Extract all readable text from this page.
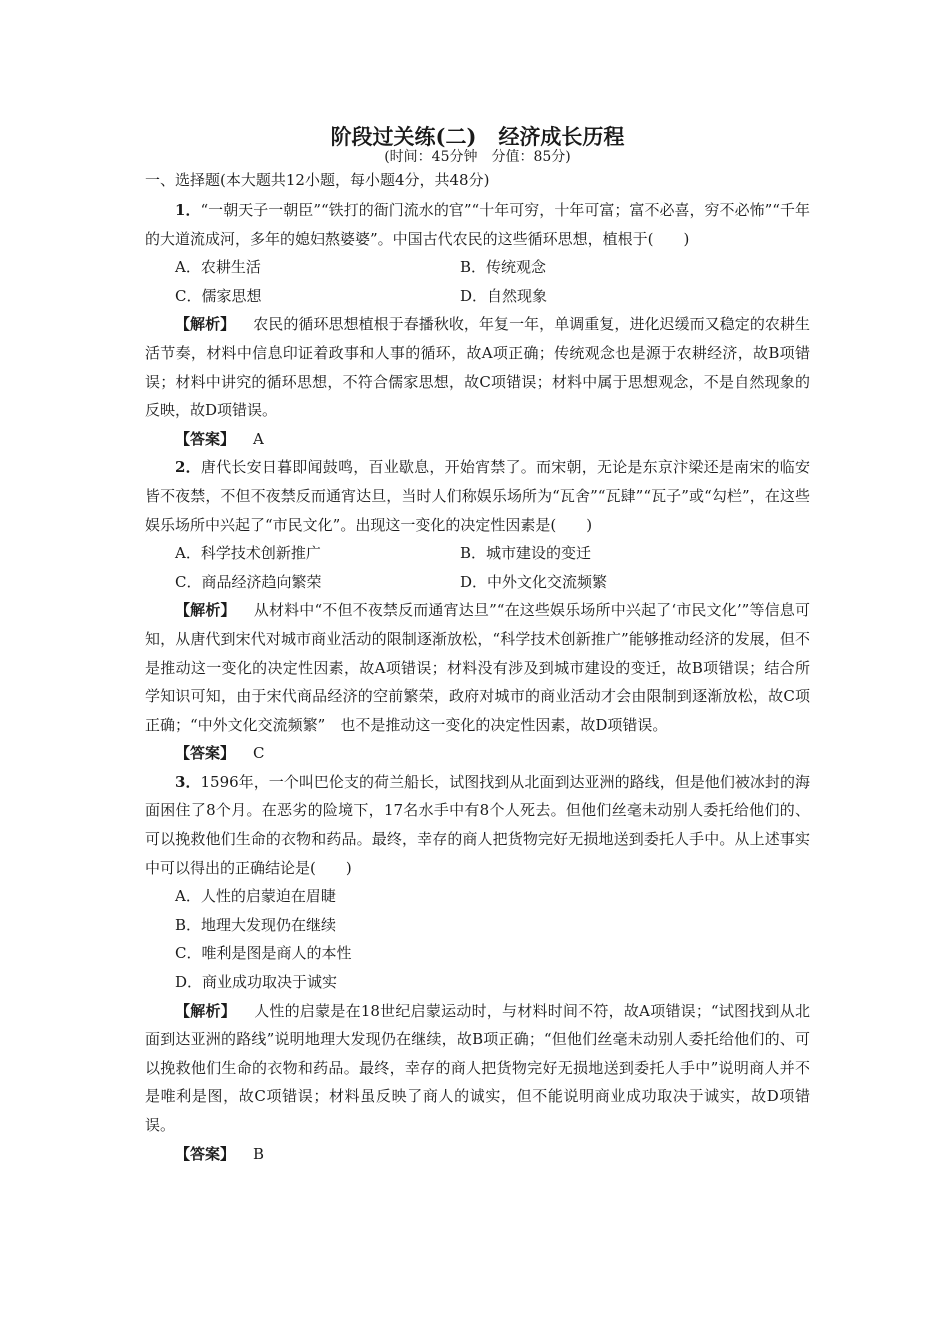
阶段过关练(二) 经济成长历程
(时间：45分钟　分值：85分)
一、选择题(本大题共12小题，每小题4分，共48分)

1．“一朝天子一朝臣”“铁打的衙门流水的官”“十年可穷，十年可富；富不必喜，穷不必怖”“千年的大道流成河，多年的媳妇熬婆婆”。中国古代农民的这些循环思想，植根于(　　)

A．农耕生活	B．传统观念
C．儒家思想	D．自然现象

【解析】 农民的循环思想植根于春播秋收，年复一年，单调重复，进化迟缓而又稳定的农耕生活节奏，材料中信息印证着政事和人事的循环，故A项正确；传统观念也是源于农耕经济，故B项错误；材料中讲究的循环思想，不符合儒家思想，故C项错误；材料中属于思想观念，不是自然现象的反映，故D项错误。

【答案】 A

2．唐代长安日暮即闻鼓鸣，百业歇息，开始宵禁了。而宋朝，无论是东京汴梁还是南宋的临安皆不夜禁，不但不夜禁反而通宵达旦，当时人们称娱乐场所为“瓦舍”“瓦肆”“瓦子”或“勾栏”，在这些娱乐场所中兴起了“市民文化”。出现这一变化的决定性因素是(　　)

A．科学技术创新推广	B．城市建设的变迁
C．商品经济趋向繁荣	D．中外文化交流频繁

【解析】 从材料中“不但不夜禁反而通宵达旦”“在这些娱乐场所中兴起了‘市民文化’”等信息可知，从唐代到宋代对城市商业活动的限制逐渐放松，“科学技术创新推广”能够推动经济的发展，但不是推动这一变化的决定性因素，故A项错误；材料没有涉及到城市建设的变迁，故B项错误；结合所学知识可知，由于宋代商品经济的空前繁荣，政府对城市的商业活动才会由限制到逐渐放松，故C项正确；“中外文化交流频繁”　也不是推动这一变化的决定性因素，故D项错误。

【答案】 C

3．1596年，一个叫巴伦支的荷兰船长，试图找到从北面到达亚洲的路线，但是他们被冰封的海面困住了8个月。在恶劣的险境下，17名水手中有8个人死去。但他们丝毫未动别人委托给他们的、可以挽救他们生命的衣物和药品。最终，幸存的商人把货物完好无损地送到委托人手中。从上述事实中可以得出的正确结论是(　　)

A．人性的启蒙迫在眉睫
B．地理大发现仍在继续
C．唯利是图是商人的本性
D．商业成功取决于诚实

【解析】 人性的启蒙是在18世纪启蒙运动时，与材料时间不符，故A项错误；“试图找到从北面到达亚洲的路线”说明地理大发现仍在继续，故B项正确；“但他们丝毫未动别人委托给他们的、可以挽救他们生命的衣物和药品。最终，幸存的商人把货物完好无损地送到委托人手中”说明商人并不是唯利是图，故C项错误；材料虽反映了商人的诚实，但不能说明商业成功取决于诚实，故D项错误。

【答案】 B
